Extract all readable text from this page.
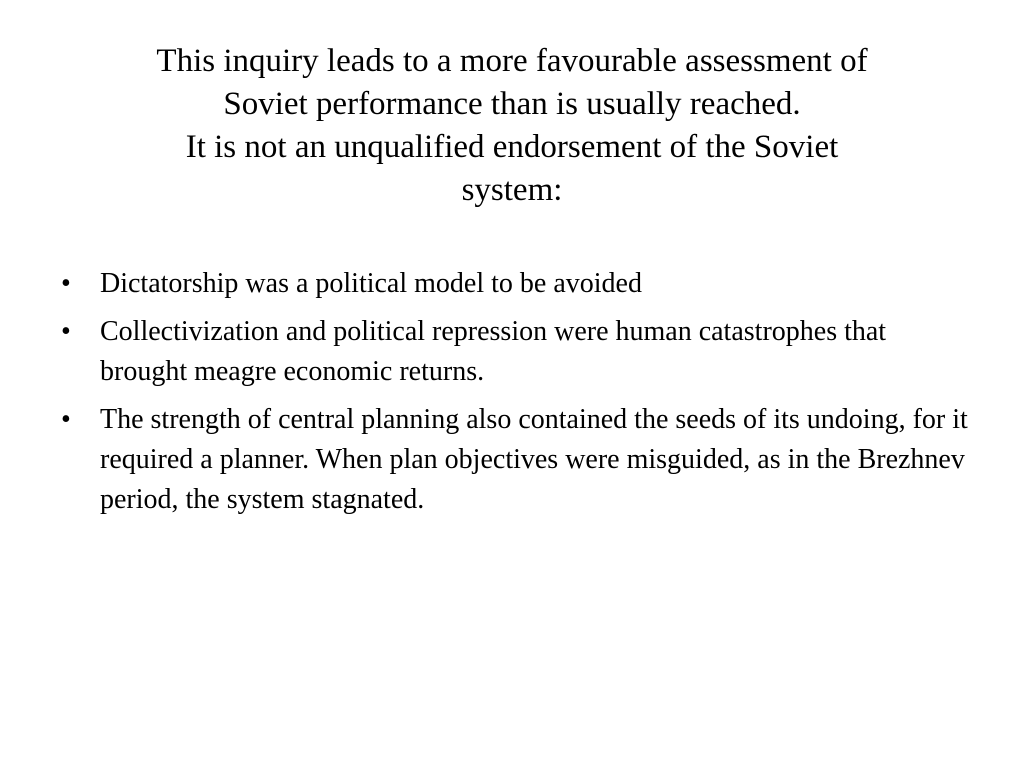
This inquiry leads to a more favourable assessment of
Soviet performance than is usually reached.
It is not an unqualified endorsement of the Soviet
system:
• Dictatorship was a political model to be avoided
• Collectivization and political repression were human catastrophes that brought meagre economic returns.
• The strength of central planning also contained the seeds of its undoing, for it required a planner. When plan objectives were misguided, as in the Brezhnev period, the system stagnated.
